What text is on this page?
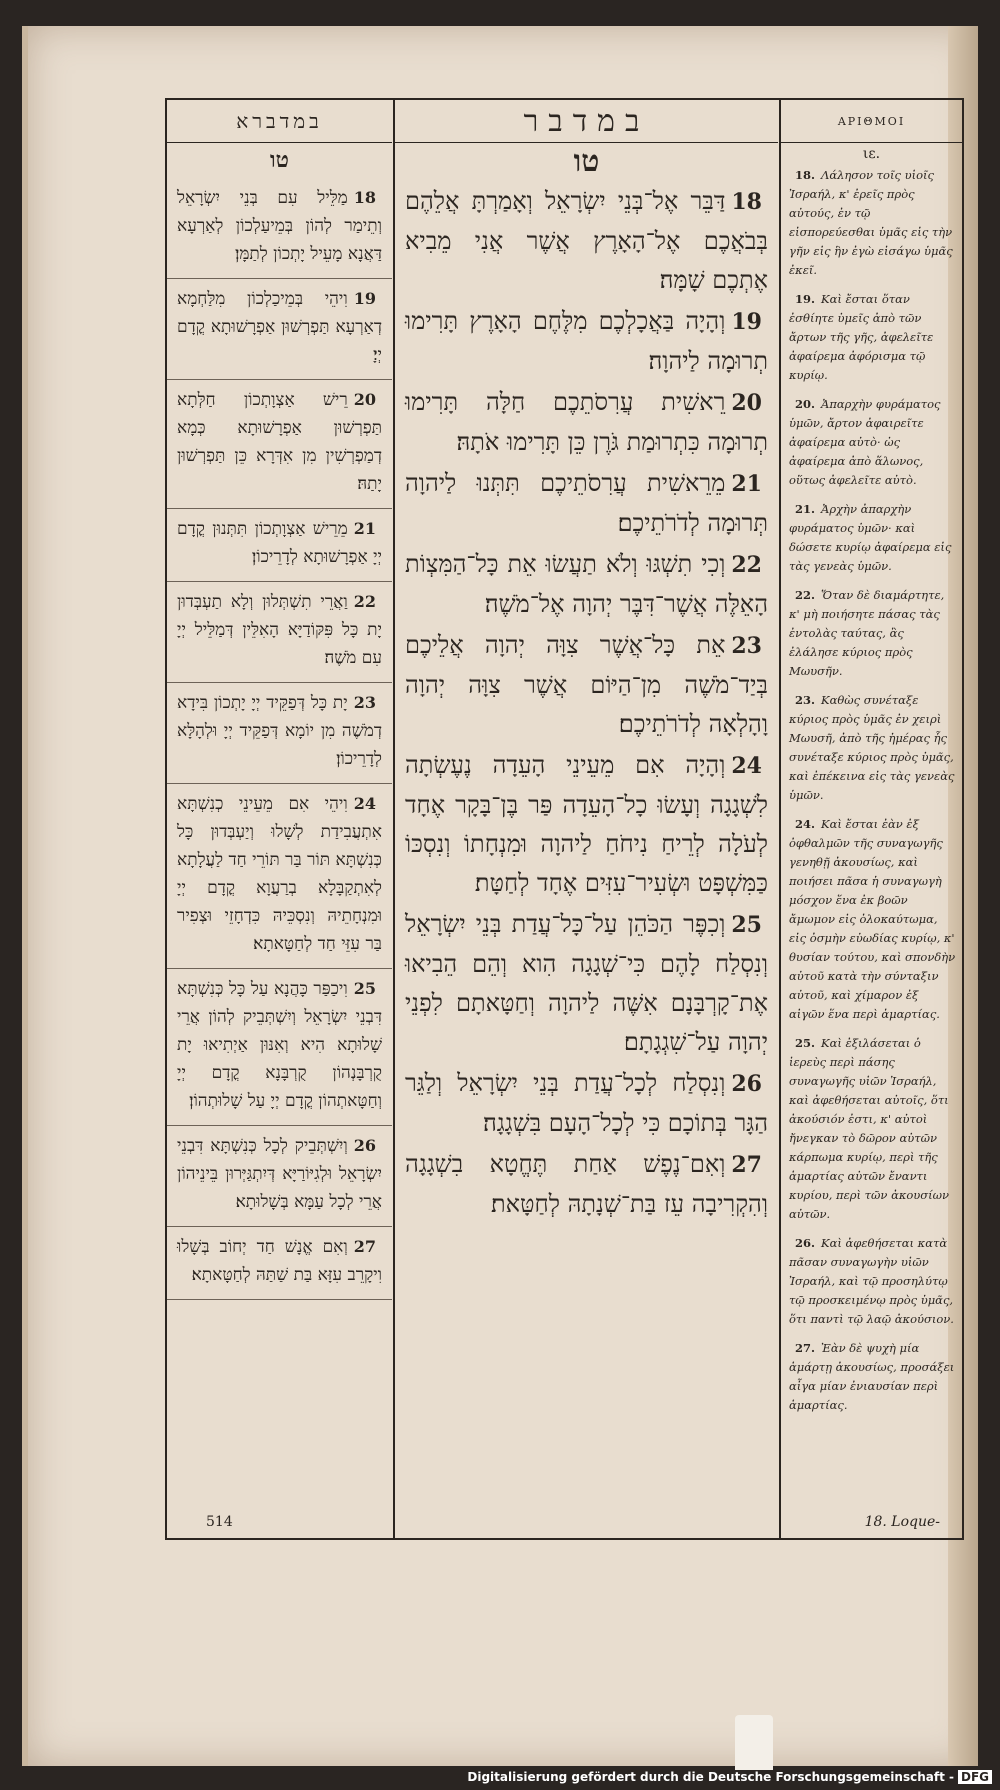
במדברא
טו
18מַלֵּיל עִם בְּנֵי יִשְׂרָאֵל וְתֵימַר לְהוֹן בְּמֵיעַלְכוֹן לְאַרְעָא דַּאֲנָא מָעֵיל יָתְכוֹן לְתַמָּן׃
19וִיהֵי בְּמֵיכַלְכוֹן מִלַּחְמָא דְאַרְעָא תַּפְרְשׁוּן אַפְרָשׁוּתָא קֳדָם יְיָ׃
20רֵישׁ אַצְוָתְכוֹן חַלְּתָא תַּפְרְשׁוּן אַפְרָשׁוּתָא כְּמָא דְמַפְרְשִׁין מִן אִדְּרָא כֵּן תַּפְרְשׁוּן יָתַהּ׃
21מֵרֵישׁ אַצְוָתְכוֹן תִּתְּנוּן קֳדָם יְיָ אַפְרָשׁוּתָא לְדָרֵיכוֹן׃
22וַאֲרֵי תִשְׁתְּלוּן וְלָא תַעְבְּדוּן יָת כָּל פִּקּוֹדַיָּא הָאִלֵּין דְּמַלֵּיל יְיָ עִם מֹשֶׁה׃
23יָת כָּל דְּפַקֵּיד יְיָ יָתְכוֹן בִּידָא דְמֹשֶׁה מִן יוֹמָא דְּפַקֵּיד יְיָ וּלְהָלָּא לְדָרֵיכוֹן׃
24וִיהֵי אִם מֵעֵינֵי כְנִשְׁתָּא אִתְעֲבִידַת לְשָׁלוּ וְיַעְבְּדוּן כָּל כְּנִשְׁתָּא תּוֹר בַּר תּוֹרֵי חַד לַעֲלָתָא לְאִתְקַבָּלָא בְרַעֲוָא קֳדָם יְיָ וּמִנְחָתֵיהּ וְנִסְכֵּיהּ כִּדְחָזֵי וּצְפִיר בַּר עִזֵּי חַד לְחַטָּאתָא׃
25וִיכַפַּר כָּהֲנָא עַל כָּל כְּנִשְׁתָּא דִּבְנֵי יִשְׂרָאֵל וְיִשְׁתְּבֵיק לְהוֹן אֲרֵי שָׁלוּתָא הִיא וְאִנּוּן אַיְתִיאוּ יָת קֻרְבָּנְהוֹן קֻרְבָּנָא קֳדָם יְיָ וְחַטָּאתְהוֹן קֳדָם יְיָ עַל שָׁלוּתְהוֹן׃
26וְיִשְׁתְּבֵיק לְכָל כְּנִשְׁתָּא דִּבְנֵי יִשְׂרָאֵל וּלְגִיּוֹרַיָּא דְּיִתְגַּיְּרוּן בֵּינֵיהוֹן אֲרֵי לְכָל עַמָּא בְּשָׁלוּתָא׃
27וְאִם אֱנָשׁ חַד יְחוֹב בְּשָׁלוּ וִיקָרֵב עִזָּא בַּת שַׁתַּהּ לְחַטָּאתָא׃
במדבר
טו
18דַּבֵּר אֶל־בְּנֵי יִשְׂרָאֵל וְאָמַרְתָּ אֲלֵהֶם בְּבֹאֲכֶם אֶל־הָאָרֶץ אֲשֶׁר אֲנִי מֵבִיא אֶתְכֶם שָׁמָּה׃
19וְהָיָה בַּאֲכָלְכֶם מִלֶּחֶם הָאָרֶץ תָּרִימוּ תְרוּמָה לַיהוָה׃
20רֵאשִׁית עֲרִסֹתֵכֶם חַלָּה תָּרִימוּ תְרוּמָה כִּתְרוּמַת גֹּרֶן כֵּן תָּרִימוּ אֹתָהּ׃
21מֵרֵאשִׁית עֲרִסֹתֵיכֶם תִּתְּנוּ לַיהוָה תְּרוּמָה לְדֹרֹתֵיכֶם׃
22וְכִי תִשְׁגּוּ וְלֹא תַעֲשׂוּ אֵת כָּל־הַמִּצְוֹת הָאֵלֶּה אֲשֶׁר־דִּבֶּר יְהוָה אֶל־מֹשֶׁה׃
23אֵת כָּל־אֲשֶׁר צִוָּה יְהוָה אֲלֵיכֶם בְּיַד־מֹשֶׁה מִן־הַיּוֹם אֲשֶׁר צִוָּה יְהוָה וָהָלְאָה לְדֹרֹתֵיכֶם׃
24וְהָיָה אִם מֵעֵינֵי הָעֵדָה נֶעֶשְׂתָה לִשְׁגָגָה וְעָשׂוּ כָל־הָעֵדָה פַּר בֶּן־בָּקָר אֶחָד לְעֹלָה לְרֵיחַ נִיחֹחַ לַיהוָה וּמִנְחָתוֹ וְנִסְכּוֹ כַּמִּשְׁפָּט וּשְׂעִיר־עִזִּים אֶחָד לְחַטָּת׃
25וְכִפֶּר הַכֹּהֵן עַל־כָּל־עֲדַת בְּנֵי יִשְׂרָאֵל וְנִסְלַח לָהֶם כִּי־שְׁגָגָה הִוא וְהֵם הֵבִיאוּ אֶת־קָרְבָּנָם אִשֶּׁה לַיהוָה וְחַטָּאתָם לִפְנֵי יְהוָה עַל־שִׁגְגָתָם׃
26וְנִסְלַח לְכָל־עֲדַת בְּנֵי יִשְׂרָאֵל וְלַגֵּר הַגָּר בְּתוֹכָם כִּי לְכָל־הָעָם בִּשְׁגָגָה׃
27וְאִם־נֶפֶשׁ אַחַת תֶּחֱטָא בִשְׁגָגָה וְהִקְרִיבָה עֵז בַּת־שְׁנָתָהּ לְחַטָּאת׃
ΑΡΙΘΜΟΙ
ιε.
18. Λάλησον τοῖς υἱοῖς Ἰσραήλ, κ' ἐρεῖς πρὸς αὐτούς, ἐν τῷ εἰσπορεύεσθαι ὑμᾶς εἰς τὴν γῆν εἰς ἣν ἐγὼ εἰσάγω ὑμᾶς ἐκεῖ.
19. Καὶ ἔσται ὅταν ἐσθίητε ὑμεῖς ἀπὸ τῶν ἄρτων τῆς γῆς, ἀφελεῖτε ἀφαίρεμα ἀφόρισμα τῷ κυρίῳ.
20. Ἀπαρχὴν φυράματος ὑμῶν, ἄρτον ἀφαιρεῖτε ἀφαίρεμα αὐτὸ· ὡς ἀφαίρεμα ἀπὸ ἅλωνος, οὕτως ἀφελεῖτε αὐτὸ.
21. Ἀρχὴν ἀπαρχὴν φυράματος ὑμῶν· καὶ δώσετε κυρίῳ ἀφαίρεμα εἰς τὰς γενεὰς ὑμῶν.
22. Ὅταν δὲ διαμάρτητε, κ' μὴ ποιήσητε πάσας τὰς ἐντολὰς ταύτας, ἃς ἐλάλησε κύριος πρὸς Μωυσῆν.
23. Καθὼς συνέταξε κύριος πρὸς ὑμᾶς ἐν χειρὶ Μωυσῆ, ἀπὸ τῆς ἡμέρας ἧς συνέταξε κύριος πρὸς ὑμᾶς, καὶ ἐπέκεινα εἰς τὰς γενεὰς ὑμῶν.
24. Καὶ ἔσται ἐὰν ἐξ ὀφθαλμῶν τῆς συναγωγῆς γενηθῇ ἀκουσίως, καὶ ποιήσει πᾶσα ἡ συναγωγὴ μόσχον ἕνα ἐκ βοῶν ἄμωμον εἰς ὁλοκαύτωμα, εἰς ὀσμὴν εὐωδίας κυρίῳ, κ' θυσίαν τούτου, καὶ σπονδὴν αὐτοῦ κατὰ τὴν σύνταξιν αὐτοῦ, καὶ χίμαρον ἐξ αἰγῶν ἕνα περὶ ἁμαρτίας.
25. Καὶ ἐξιλάσεται ὁ ἱερεὺς περὶ πάσης συναγωγῆς υἱῶν Ἰσραήλ, καὶ ἀφεθήσεται αὐτοῖς, ὅτι ἀκούσιόν ἐστι, κ' αὐτοὶ ἤνεγκαν τὸ δῶρον αὐτῶν κάρπωμα κυρίῳ, περὶ τῆς ἁμαρτίας αὐτῶν ἔναντι κυρίου, περὶ τῶν ἀκουσίων αὐτῶν.
26. Καὶ ἀφεθήσεται κατὰ πᾶσαν συναγωγὴν υἱῶν Ἰσραήλ, καὶ τῷ προσηλύτῳ τῷ προσκειμένῳ πρὸς ὑμᾶς, ὅτι παντὶ τῷ λαῷ ἀκούσιον.
27. Ἐὰν δὲ ψυχὴ μία ἁμάρτῃ ἀκουσίως, προσάξει αἶγα μίαν ἐνιαυσίαν περὶ ἁμαρτίας.
514	18. Loque-
Digitalisierung gefördert durch die Deutsche Forschungsgemeinschaft - DFG
